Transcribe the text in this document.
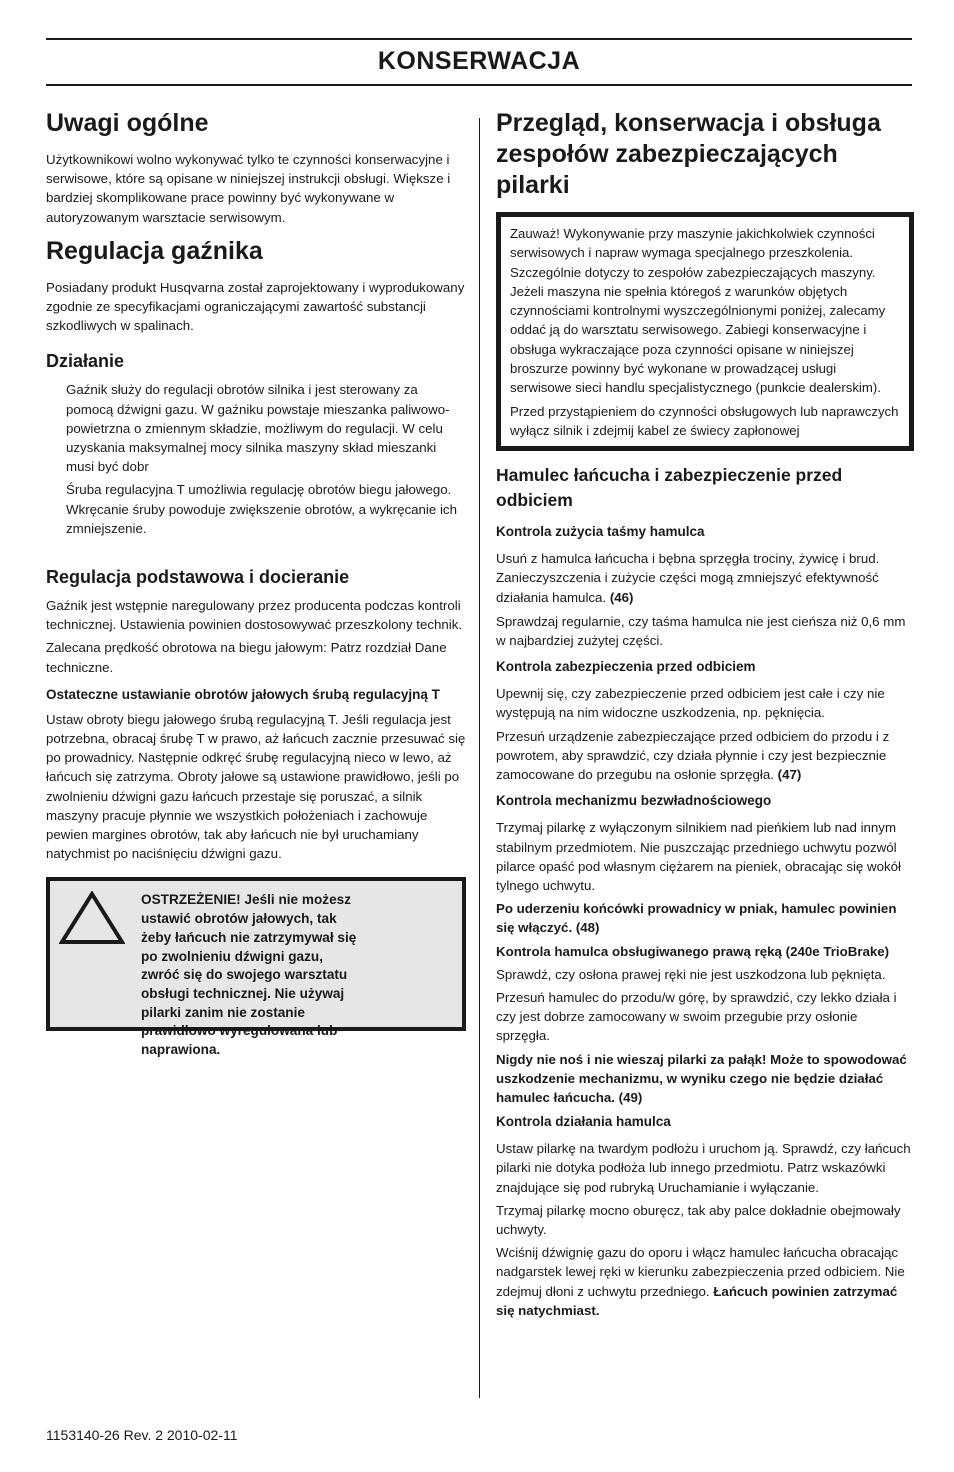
KONSERWACJA
Uwagi ogólne

Użytkownikowi wolno wykonywać tylko te czynności konserwacyjne i serwisowe, które są opisane w niniejszej instrukcji obsługi. Większe i bardziej skomplikowane prace powinny być wykonywane w autoryzowanym warsztacie serwisowym.

Regulacja gaźnika

Posiadany produkt Husqvarna został zaprojektowany i wyprodukowany zgodnie ze specyfikacjami ograniczającymi zawartość substancji szkodliwych w spalinach.

Działanie

Gaźnik służy do regulacji obrotów silnika i jest sterowany za pomocą dźwigni gazu. W gaźniku powstaje mieszanka paliwowo-powietrzna o zmiennym składzie, możliwym do regulacji. W celu uzyskania maksymalnej mocy silnika maszyny skład mieszanki musi być dobr

Śruba regulacyjna T umożliwia regulację obrotów biegu jałowego. Wkręcanie śruby powoduje zwiększenie obrotów, a wykręcanie ich zmniejszenie.

Regulacja podstawowa i docieranie

Gaźnik jest wstępnie naregulowany przez producenta podczas kontroli technicznej. Ustawienia powinien dostosowywać przeszkolony technik.

Zalecana prędkość obrotowa na biegu jałowym: Patrz rozdział Dane techniczne.

Ostateczne ustawianie obrotów jałowych śrubą regulacyjną T

Ustaw obroty biegu jałowego śrubą regulacyjną T. Jeśli regulacja jest potrzebna, obracaj śrubę T w prawo, aż łańcuch zacznie przesuwać się po prowadnicy. Następnie odkręć śrubę regulacyjną nieco w lewo, aż łańcuch się zatrzyma. Obroty jałowe są ustawione prawidłowo, jeśli po zwolnieniu dźwigni gazu łańcuch przestaje się poruszać, a silnik maszyny pracuje płynnie we wszystkich położeniach i zachowuje pewien margines obrotów, tak aby łańcuch nie był uruchamiany natychmist po naciśnięciu dźwigni gazu.

OSTRZEŻENIE! Jeśli nie możesz ustawić obrotów jałowych, tak żeby łańcuch nie zatrzymywał się po zwolnieniu dźwigni gazu, zwróć się do swojego warsztatu obsługi technicznej. Nie używaj pilarki zanim nie zostanie prawidłowo wyregulowana lub naprawiona.

Przegląd, konserwacja i obsługa zespołów zabezpieczających pilarki

Zauważ! Wykonywanie przy maszynie jakichkolwiek czynności serwisowych i napraw wymaga specjalnego przeszkolenia. Szczególnie dotyczy to zespołów zabezpieczających maszyny. Jeżeli maszyna nie spełnia któregoś z warunków objętych czynnościami kontrolnymi wyszczególnionymi poniżej, zalecamy oddać ją do warsztatu serwisowego. Zabiegi konserwacyjne i obsługa wykraczające poza czynności opisane w niniejszej broszurze powinny być wykonane w prowadzącej usługi serwisowe sieci handlu specjalistycznego (punkcie dealerskim).

Przed przystąpieniem do czynności obsługowych lub naprawczych wyłącz silnik i zdejmij kabel ze świecy zapłonowej

Hamulec łańcucha i zabezpieczenie przed odbiciem
Kontrola zużycia taśmy hamulca

Usuń z hamulca łańcucha i bębna sprzęgła trociny, żywicę i brud. Zanieczyszczenia i zużycie części mogą zmniejszyć efektywność działania hamulca. (46)

Sprawdzaj regularnie, czy taśma hamulca nie jest cieńsza niż 0,6 mm w najbardziej zużytej części.

Kontrola zabezpieczenia przed odbiciem

Upewnij się, czy zabezpieczenie przed odbiciem jest całe i czy nie występują na nim widoczne uszkodzenia, np. pęknięcia.

Przesuń urządzenie zabezpieczające przed odbiciem do przodu i z powrotem, aby sprawdzić, czy działa płynnie i czy jest bezpiecznie zamocowane do przegubu na osłonie sprzęgła. (47)

Kontrola mechanizmu bezwładnościowego

Trzymaj pilarkę z wyłączonym silnikiem nad pieńkiem lub nad innym stabilnym przedmiotem. Nie puszczając przedniego uchwytu pozwól pilarce opaść pod własnym ciężarem na pieniek, obracając się wokół tylnego uchwytu.

Po uderzeniu końcówki prowadnicy w pniak, hamulec powinien się włączyć. (48)

Kontrola hamulca obsługiwanego prawą ręką (240e TrioBrake)

Sprawdź, czy osłona prawej ręki nie jest uszkodzona lub pęknięta.

Przesuń hamulec do przodu/w górę, by sprawdzić, czy lekko działa i czy jest dobrze zamocowany w swoim przegubie przy osłonie sprzęgła.

Nigdy nie noś i nie wieszaj pilarki za pałąk! Może to spowodować uszkodzenie mechanizmu, w wyniku czego nie będzie działać hamulec łańcucha. (49)

Kontrola działania hamulca

Ustaw pilarkę na twardym podłożu i uruchom ją. Sprawdź, czy łańcuch pilarki nie dotyka podłoża lub innego przedmiotu. Patrz wskazówki znajdujące się pod rubryką Uruchamianie i wyłączanie.

Trzymaj pilarkę mocno oburęcz, tak aby palce dokładnie obejmowały uchwyty.

Wciśnij dźwignię gazu do oporu i włącz hamulec łańcucha obracając nadgarstek lewej ręki w kierunku zabezpieczenia przed odbiciem. Nie zdejmuj dłoni z uchwytu przedniego. Łańcuch powinien zatrzymać się natychmiast.

1153140-26 Rev. 2 2010-02-11
